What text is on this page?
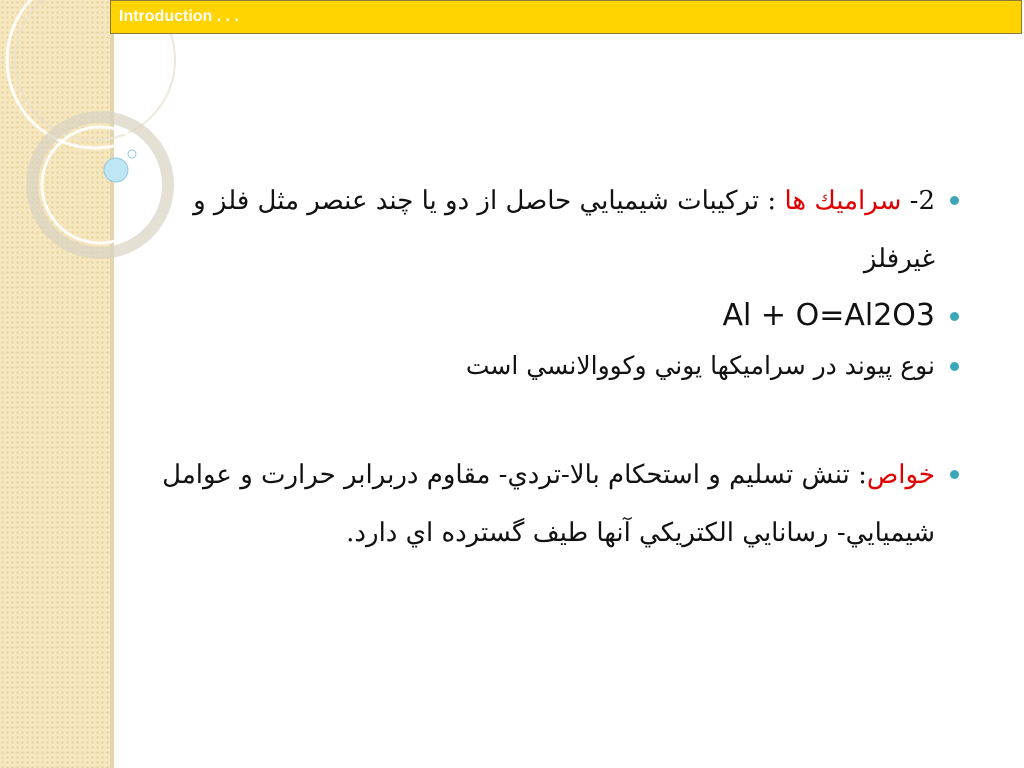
Introduction . . .
2- سراميك ها : تركيبات شيميايي حاصل از دو يا چند عنصر مثل فلز و غيرفلز
Al + O=Al2O3
نوع پيوند در سراميکها يوني وکووالانسي است
خواص: تنش تسليم و استحکام بالا-تردي- مقاوم دربرابر حرارت و عوامل شيميايي- رسانايي الکتريکي آنها طيف گسترده اي دارد.
